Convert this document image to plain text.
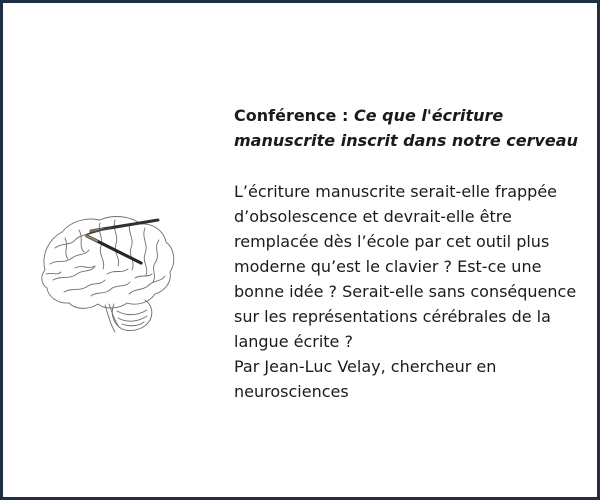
Conférence : Ce que l'écriture manuscrite inscrit dans notre cerveau

L’écriture manuscrite serait-elle frappée d’obsolescence et devrait-elle être remplacée dès l’école par cet outil plus moderne qu’est le clavier ? Est-ce une bonne idée ? Serait-elle sans conséquence sur les représentations cérébrales de la langue écrite ?

Par Jean-Luc Velay, chercheur en neurosciences
